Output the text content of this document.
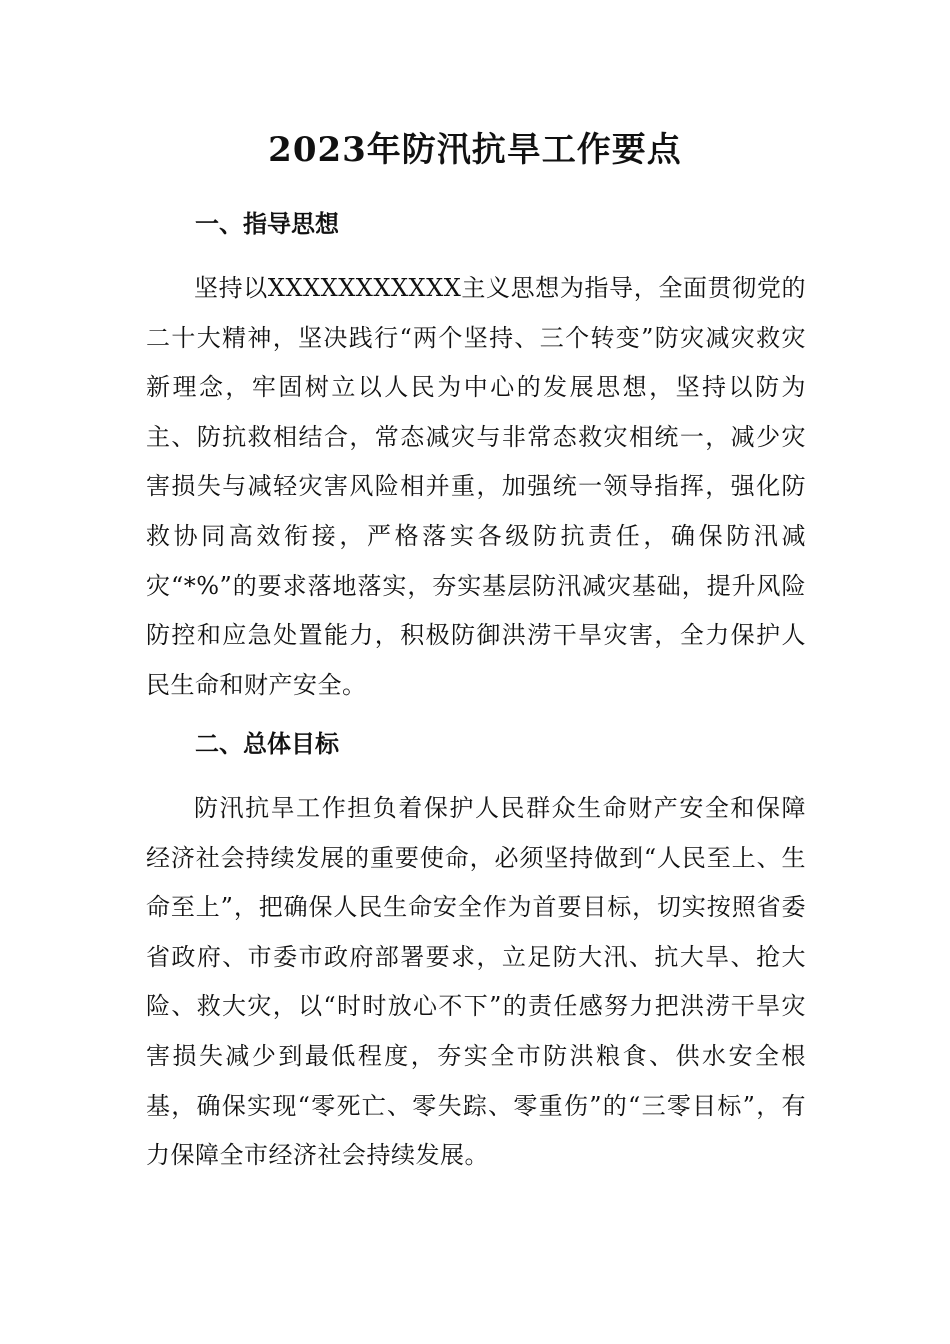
2023年防汛抗旱工作要点
一、指导思想

坚持以XXXXXXXXXXX主义思想为指导，全面贯彻党的二十大精神，坚决践行“两个坚持、三个转变”防灾减灾救灾新理念，牢固树立以人民为中心的发展思想，坚持以防为主、防抗救相结合，常态减灾与非常态救灾相统一，减少灾害损失与减轻灾害风险相并重，加强统一领导指挥，强化防救协同高效衔接，严格落实各级防抗责任，确保防汛减灾“*%”的要求落地落实，夯实基层防汛减灾基础，提升风险防控和应急处置能力，积极防御洪涝干旱灾害，全力保护人民生命和财产安全。

二、总体目标

防汛抗旱工作担负着保护人民群众生命财产安全和保障经济社会持续发展的重要使命，必须坚持做到“人民至上、生命至上”，把确保人民生命安全作为首要目标，切实按照省委省政府、市委市政府部署要求，立足防大汛、抗大旱、抢大险、救大灾，以“时时放心不下”的责任感努力把洪涝干旱灾害损失减少到最低程度，夯实全市防洪粮食、供水安全根基，确保实现“零死亡、零失踪、零重伤”的“三零目标”，有力保障全市经济社会持续发展。
